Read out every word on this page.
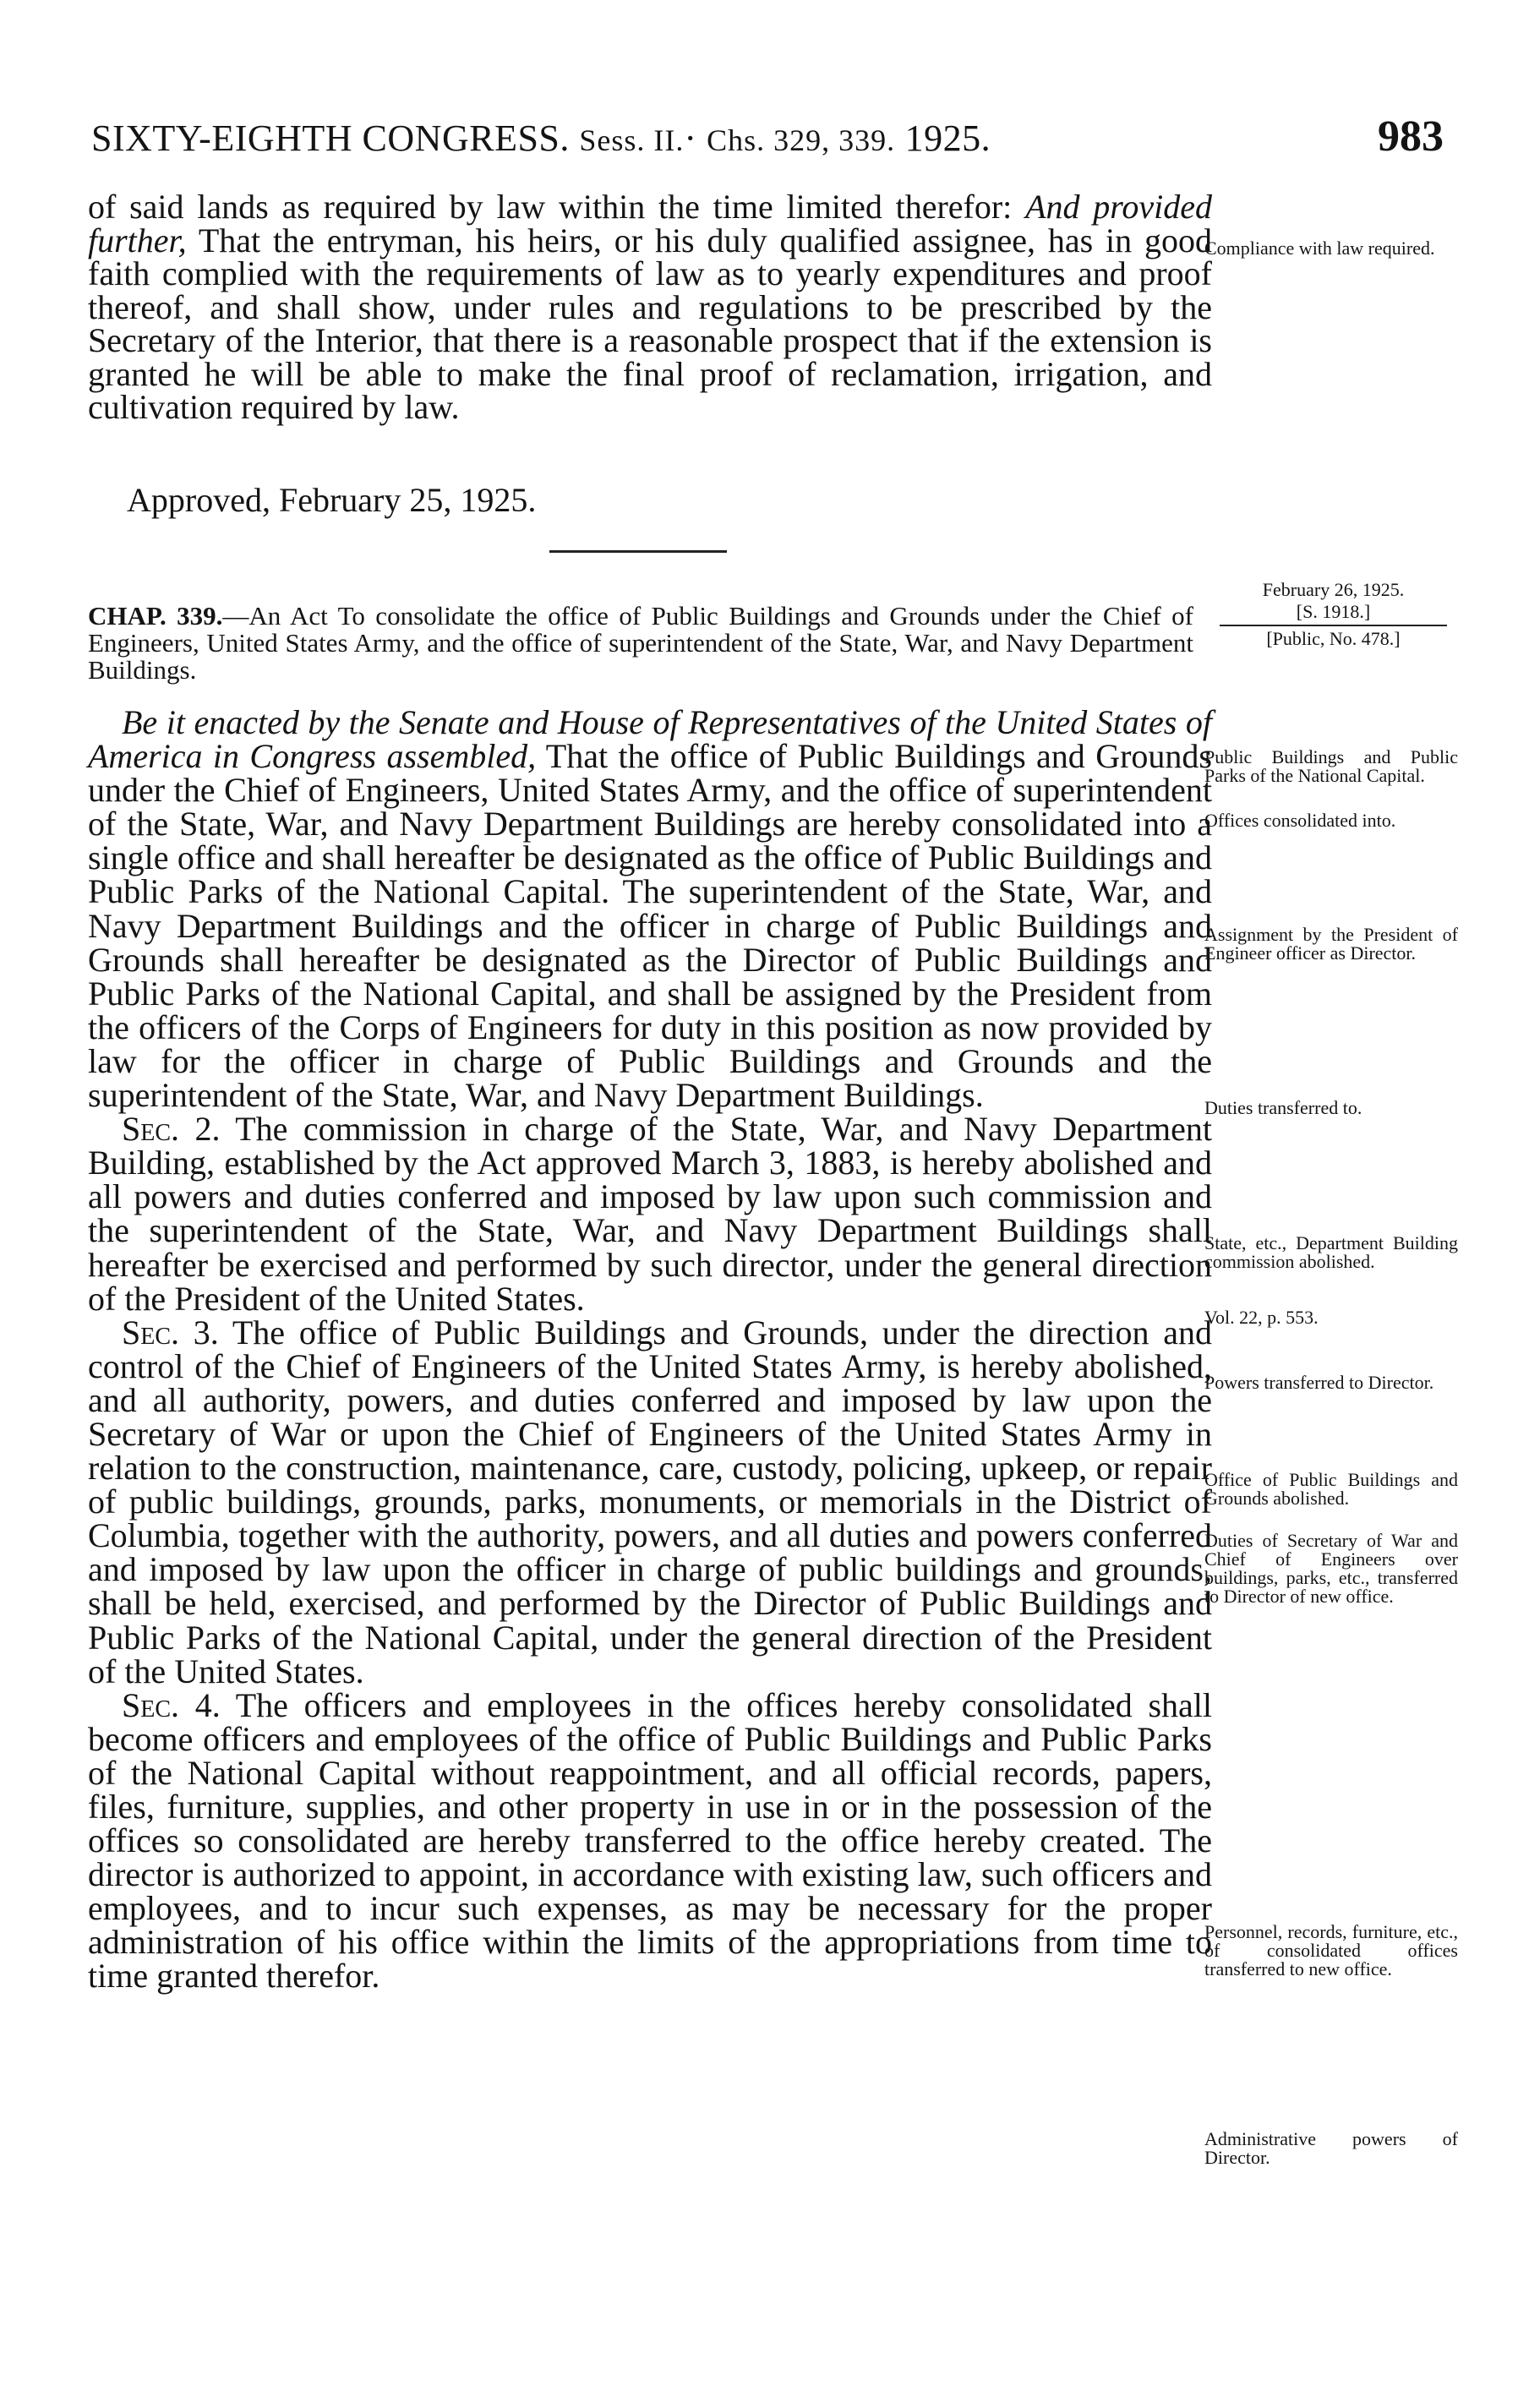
SIXTY-EIGHTH CONGRESS. Sess. II.· Chs. 329, 339. 1925.	983

of said lands as required by law within the time limited therefor: And provided further, That the entryman, his heirs, or his duly qualified assignee, has in good faith complied with the requirements of law as to yearly expenditures and proof thereof, and shall show, under rules and regulations to be prescribed by the Secretary of the Interior, that there is a reasonable prospect that if the extension is granted he will be able to make the final proof of reclamation, irrigation, and cultivation required by law.

Approved, February 25, 1925.
Compliance with law required.
February 26, 1925.
[S. 1918.]
[Public, No. 478.]
CHAP. 339.—An Act To consolidate the office of Public Buildings and Grounds under the Chief of Engineers, United States Army, and the office of superintendent of the State, War, and Navy Department Buildings.

Be it enacted by the Senate and House of Representatives of the United States of America in Congress assembled, That the office of Public Buildings and Grounds under the Chief of Engineers, United States Army, and the office of superintendent of the State, War, and Navy Department Buildings are hereby consolidated into a single office and shall hereafter be designated as the office of Public Buildings and Public Parks of the National Capital. The superintendent of the State, War, and Navy Department Buildings and the officer in charge of Public Buildings and Grounds shall hereafter be designated as the Director of Public Buildings and Public Parks of the National Capital, and shall be assigned by the President from the officers of the Corps of Engineers for duty in this position as now provided by law for the officer in charge of Public Buildings and Grounds and the superintendent of the State, War, and Navy Department Buildings.

Sec. 2. The commission in charge of the State, War, and Navy Department Building, established by the Act approved March 3, 1883, is hereby abolished and all powers and duties conferred and imposed by law upon such commission and the superintendent of the State, War, and Navy Department Buildings shall hereafter be exercised and performed by such director, under the general direction of the President of the United States.

Sec. 3. The office of Public Buildings and Grounds, under the direction and control of the Chief of Engineers of the United States Army, is hereby abolished, and all authority, powers, and duties conferred and imposed by law upon the Secretary of War or upon the Chief of Engineers of the United States Army in relation to the construction, maintenance, care, custody, policing, upkeep, or repair of public buildings, grounds, parks, monuments, or memorials in the District of Columbia, together with the authority, powers, and all duties and powers conferred and imposed by law upon the officer in charge of public buildings and grounds, shall be held, exercised, and performed by the Director of Public Buildings and Public Parks of the National Capital, under the general direction of the President of the United States.

Sec. 4. The officers and employees in the offices hereby consolidated shall become officers and employees of the office of Public Buildings and Public Parks of the National Capital without reappointment, and all official records, papers, files, furniture, supplies, and other property in use in or in the possession of the offices so consolidated are hereby transferred to the office hereby created. The director is authorized to appoint, in accordance with existing law, such officers and employees, and to incur such expenses, as may be necessary for the proper administration of his office within the limits of the appropriations from time to time granted therefor.

Public Buildings and Public Parks of the National Capital.
Offices consolidated into.
Assignment by the President of Engineer officer as Director.
Duties transferred to.
State, etc., Department Building commission abolished.
Vol. 22, p. 553.
Powers transferred to Director.
Office of Public Buildings and Grounds abolished.
Duties of Secretary of War and Chief of Engineers over buildings, parks, etc., transferred to Director of new office.
Personnel, records, furniture, etc., of consolidated offices transferred to new office.
Administrative powers of Director.
